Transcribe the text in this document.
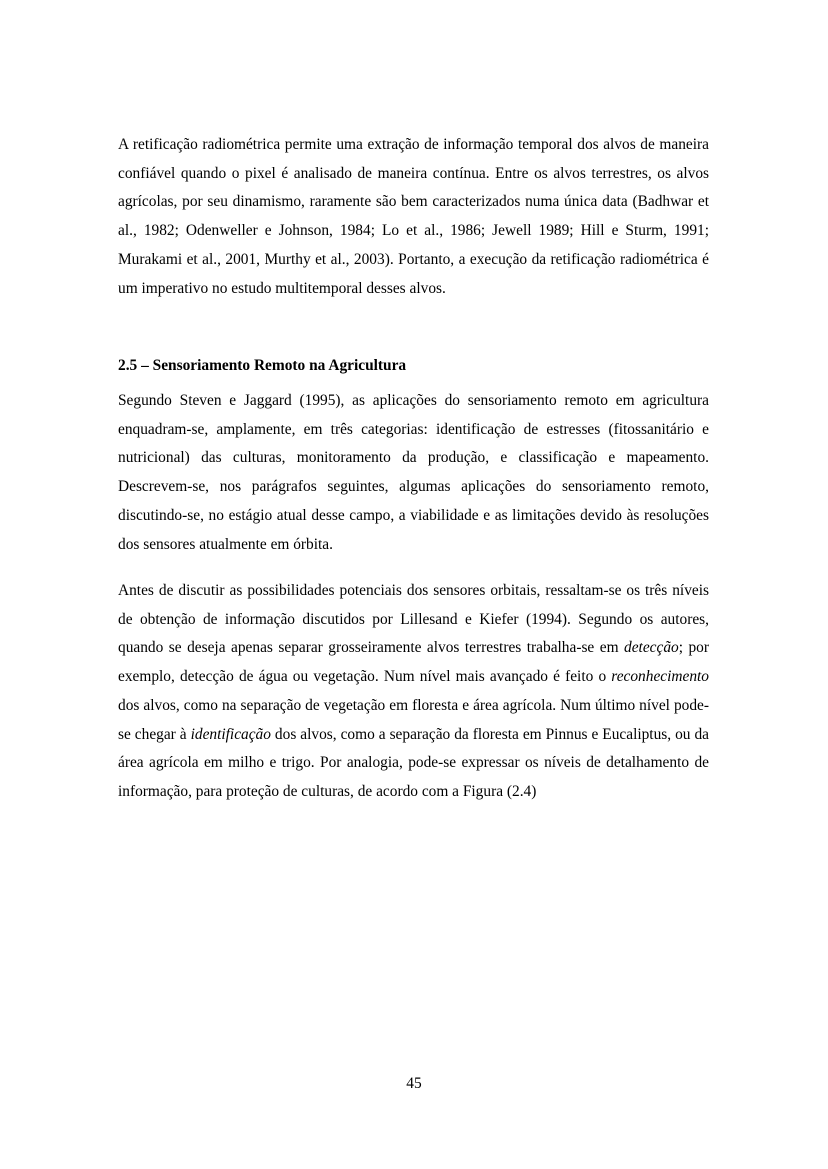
A retificação radiométrica permite uma extração de informação temporal dos alvos de maneira confiável quando o pixel é analisado de maneira contínua. Entre os alvos terrestres, os alvos agrícolas, por seu dinamismo, raramente são bem caracterizados numa única data (Badhwar et al., 1982; Odenweller e Johnson, 1984; Lo et al., 1986; Jewell 1989; Hill e Sturm, 1991; Murakami et al., 2001, Murthy et al., 2003). Portanto, a execução da retificação radiométrica é um imperativo no estudo multitemporal desses alvos.

2.5 – Sensoriamento Remoto na Agricultura

Segundo Steven e Jaggard (1995), as aplicações do sensoriamento remoto em agricultura enquadram-se, amplamente, em três categorias: identificação de estresses (fitossanitário e nutricional) das culturas, monitoramento da produção, e classificação e mapeamento. Descrevem-se, nos parágrafos seguintes, algumas aplicações do sensoriamento remoto, discutindo-se, no estágio atual desse campo, a viabilidade e as limitações devido às resoluções dos sensores atualmente em órbita.

Antes de discutir as possibilidades potenciais dos sensores orbitais, ressaltam-se os três níveis de obtenção de informação discutidos por Lillesand e Kiefer (1994). Segundo os autores, quando se deseja apenas separar grosseiramente alvos terrestres trabalha-se em detecção; por exemplo, detecção de água ou vegetação. Num nível mais avançado é feito o reconhecimento dos alvos, como na separação de vegetação em floresta e área agrícola. Num último nível pode-se chegar à identificação dos alvos, como a separação da floresta em Pinnus e Eucaliptus, ou da área agrícola em milho e trigo. Por analogia, pode-se expressar os níveis de detalhamento de informação, para proteção de culturas, de acordo com a Figura (2.4)

45
